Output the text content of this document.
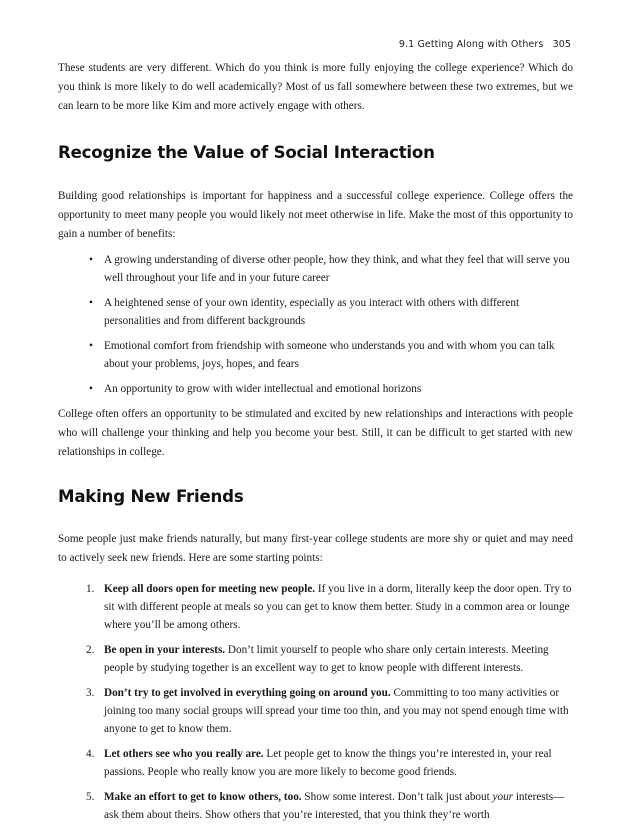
9.1 Getting Along with Others 305

These students are very different. Which do you think is more fully enjoying the college experience? Which do you think is more likely to do well academically? Most of us fall somewhere between these two extremes, but we can learn to be more like Kim and more actively engage with others.

Recognize the Value of Social Interaction

Building good relationships is important for happiness and a successful college experience. College offers the opportunity to meet many people you would likely not meet otherwise in life. Make the most of this opportunity to gain a number of benefits:

• A growing understanding of diverse other people, how they think, and what they feel that will serve you well throughout your life and in your future career
• A heightened sense of your own identity, especially as you interact with others with different personalities and from different backgrounds
• Emotional comfort from friendship with someone who understands you and with whom you can talk about your problems, joys, hopes, and fears
• An opportunity to grow with wider intellectual and emotional horizons

College often offers an opportunity to be stimulated and excited by new relationships and interactions with people who will challenge your thinking and help you become your best. Still, it can be difficult to get started with new relationships in college.

Making New Friends

Some people just make friends naturally, but many first-year college students are more shy or quiet and may need to actively seek new friends. Here are some starting points:

1. Keep all doors open for meeting new people. If you live in a dorm, literally keep the door open. Try to sit with different people at meals so you can get to know them better. Study in a common area or lounge where you’ll be among others.
2. Be open in your interests. Don’t limit yourself to people who share only certain interests. Meeting people by studying together is an excellent way to get to know people with different interests.
3. Don’t try to get involved in everything going on around you. Committing to too many activities or joining too many social groups will spread your time too thin, and you may not spend enough time with anyone to get to know them.
4. Let others see who you really are. Let people get to know the things you’re interested in, your real passions. People who really know you are more likely to become good friends.
5. Make an effort to get to know others, too. Show some interest. Don’t talk just about your interests—ask them about theirs. Show others that you’re interested, that you think they’re worth
